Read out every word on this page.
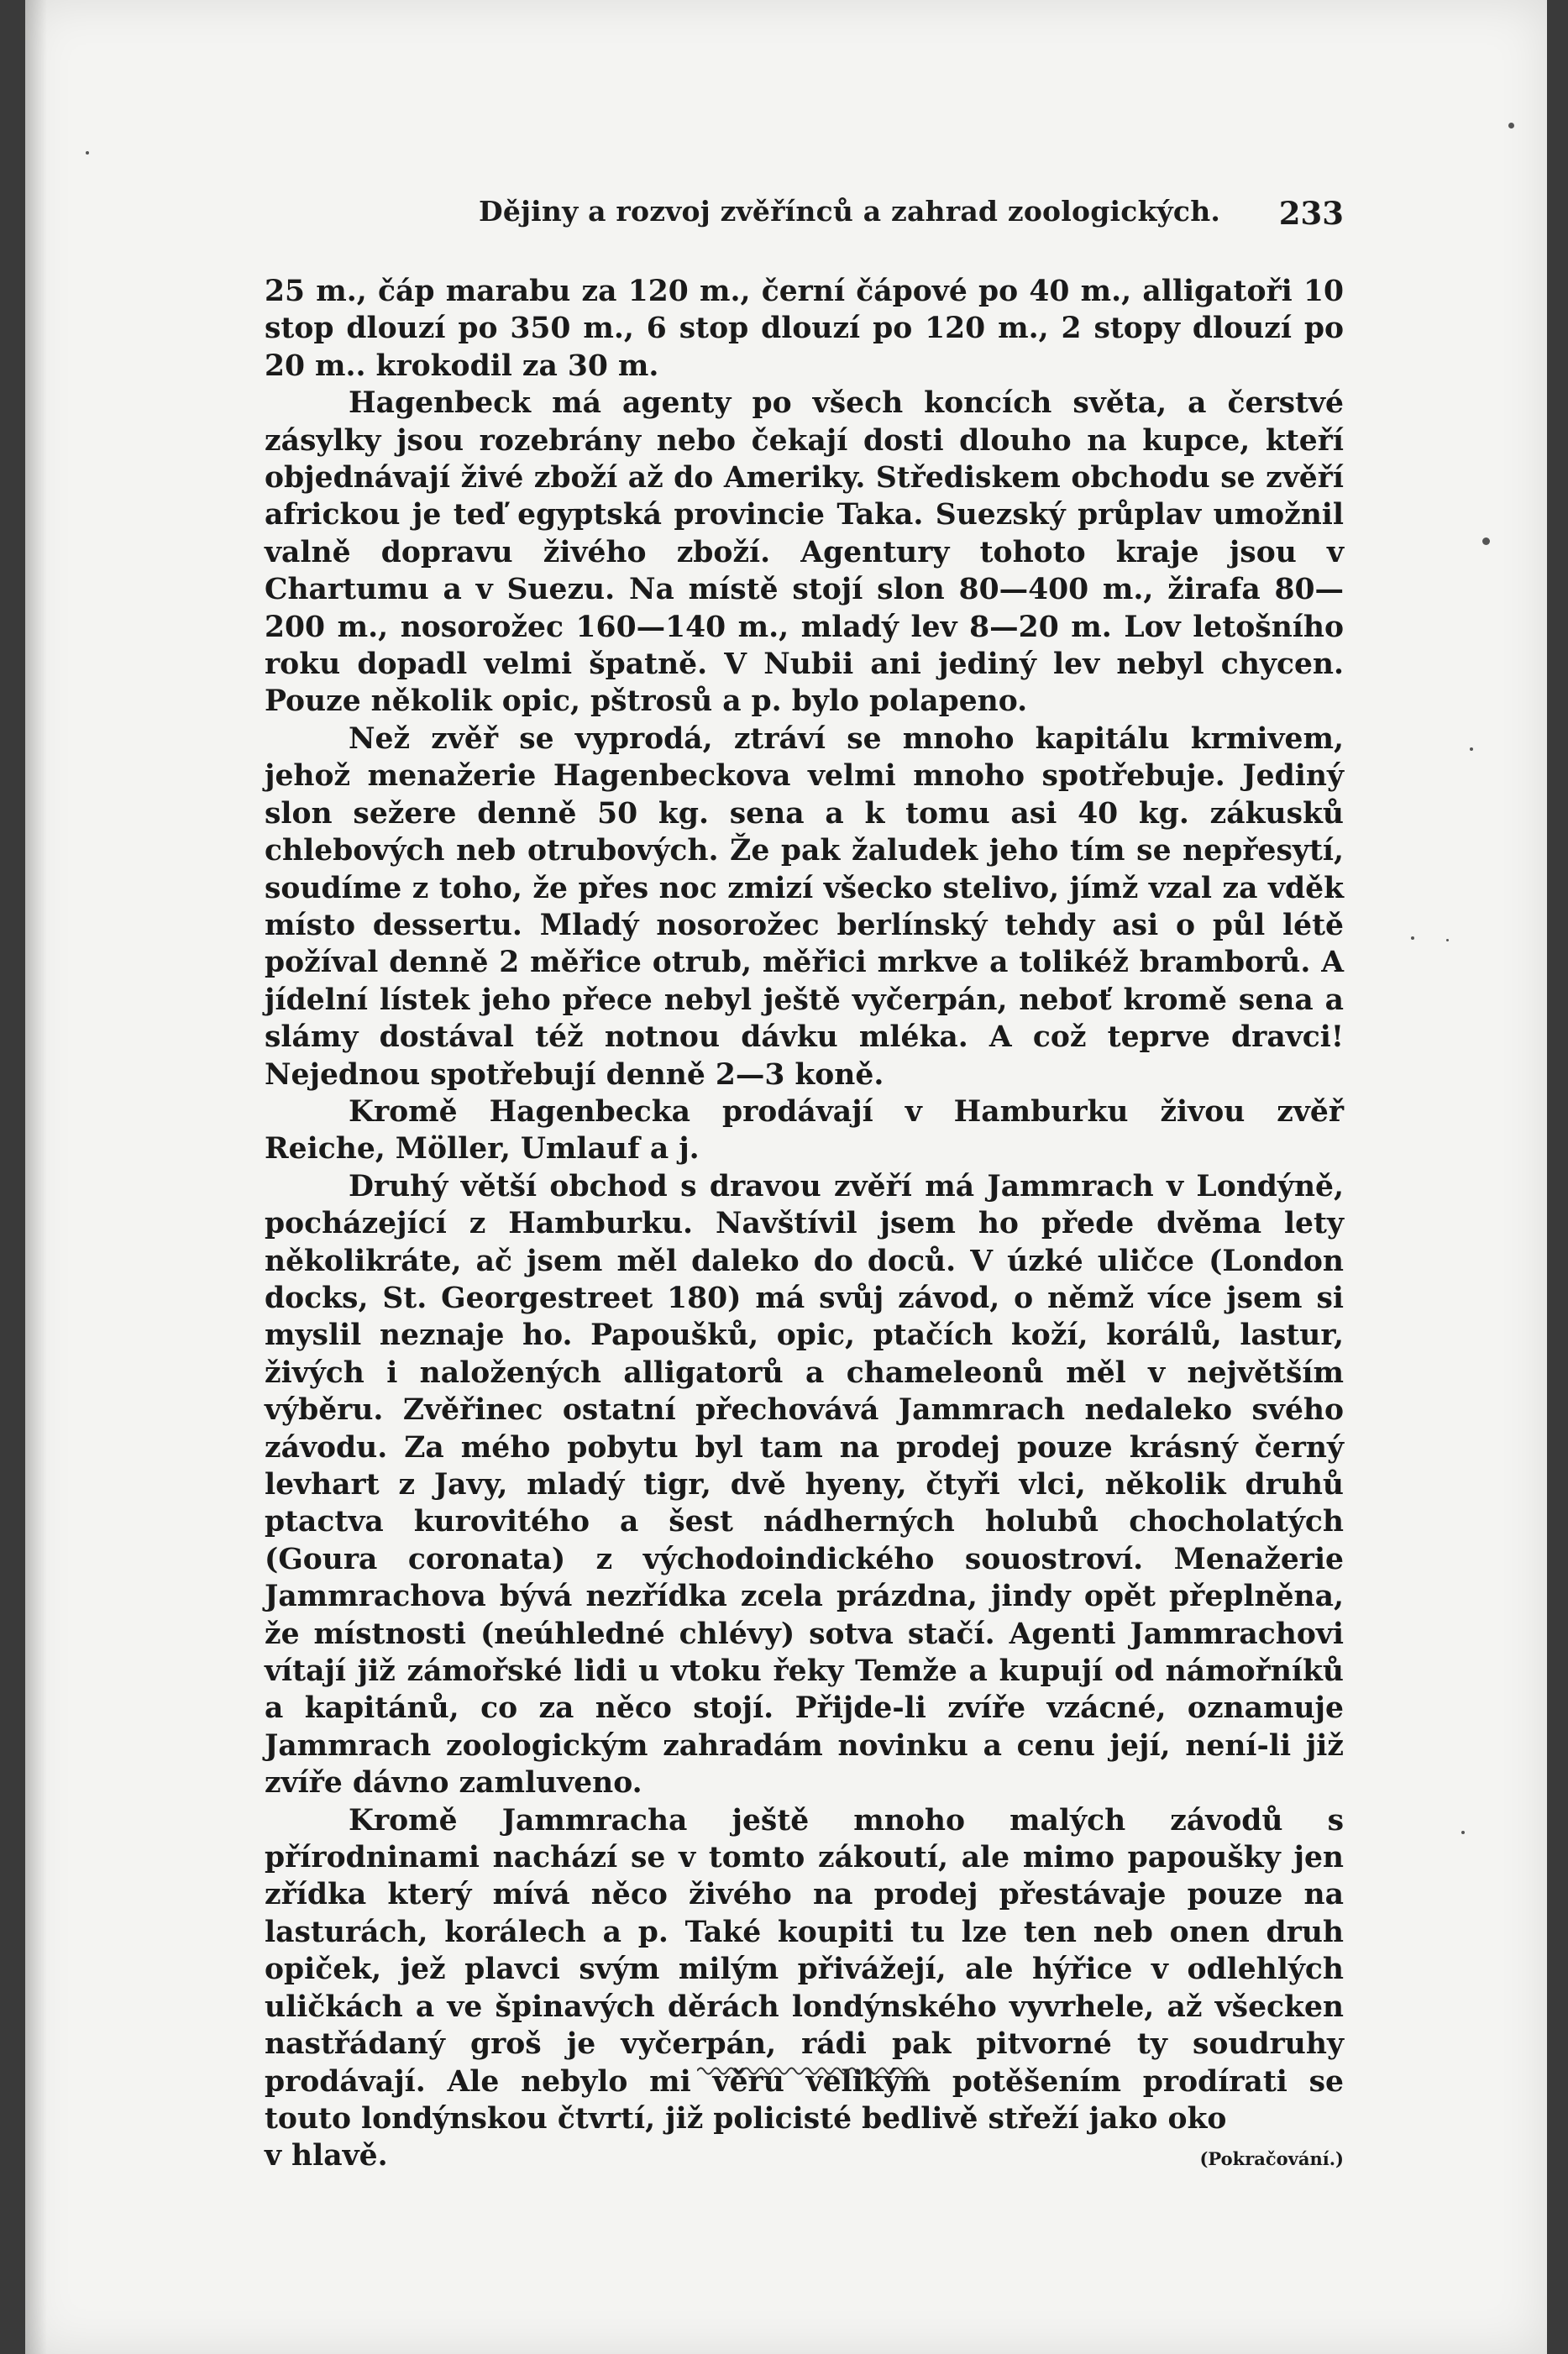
Dějiny a rozvoj zvěřínců a zahrad zoologických. 233

25 m., čáp marabu za 120 m., černí čápové po 40 m., alligatoři 10 stop dlouzí po 350 m., 6 stop dlouzí po 120 m., 2 stopy dlouzí po 20 m.. krokodil za 30 m.

Hagenbeck má agenty po všech koncích světa, a čerstvé zásylky jsou rozebrány nebo čekají dosti dlouho na kupce, kteří objednávají živé zboží až do Ameriky. Střediskem obchodu se zvěří africkou je teď egyptská provincie Taka. Suezský průplav umožnil valně dopravu živého zboží. Agentury tohoto kraje jsou v Chartumu a v Suezu. Na místě stojí slon 80—400 m., žirafa 80—200 m., nosorožec 160—140 m., mladý lev 8—20 m. Lov letošního roku dopadl velmi špatně. V Nubii ani jediný lev nebyl chycen. Pouze několik opic, pštrosů a p. bylo polapeno.

Než zvěř se vyprodá, ztráví se mnoho kapitálu krmivem, jehož menažerie Hagenbeckova velmi mnoho spotřebuje. Jediný slon sežere denně 50 kg. sena a k tomu asi 40 kg. zákusků chlebových neb otrubových. Že pak žaludek jeho tím se nepřesytí, soudíme z toho, že přes noc zmizí všecko stelivo, jímž vzal za vděk místo dessertu. Mladý nosorožec berlínský tehdy asi o půl létě požíval denně 2 měřice otrub, měřici mrkve a tolikéž bramborů. A jídelní lístek jeho přece nebyl ještě vyčerpán, neboť kromě sena a slámy dostával též notnou dávku mléka. A což teprve dravci! Nejednou spotřebují denně 2—3 koně.

Kromě Hagenbecka prodávají v Hamburku živou zvěř Reiche, Möller, Umlauf a j.

Druhý větší obchod s dravou zvěří má Jammrach v Londýně, pocházející z Hamburku. Navštívil jsem ho přede dvěma lety několikráte, ač jsem měl daleko do doců. V úzké uličce (London docks, St. Georgestreet 180) má svůj závod, o němž více jsem si myslil neznaje ho. Papoušků, opic, ptačích koží, korálů, lastur, živých i naložených alligatorů a chameleonů měl v největším výběru. Zvěřinec ostatní přechovává Jammrach nedaleko svého závodu. Za mého pobytu byl tam na prodej pouze krásný černý levhart z Javy, mladý tigr, dvě hyeny, čtyři vlci, několik druhů ptactva kurovitého a šest nádherných holubů chocholatých (Goura coronata) z východoindického souostroví. Menažerie Jammrachova bývá nezřídka zcela prázdna, jindy opět přeplněna, že místnosti (neúhledné chlévy) sotva stačí. Agenti Jammrachovi vítají již zámořské lidi u vtoku řeky Temže a kupují od námořníků a kapitánů, co za něco stojí. Přijde-li zvíře vzácné, oznamuje Jammrach zoologickým zahradám novinku a cenu její, není-li již zvíře dávno zamluveno.

Kromě Jammracha ještě mnoho malých závodů s přírodninami nachází se v tomto zákoutí, ale mimo papoušky jen zřídka který mívá něco živého na prodej přestávaje pouze na lasturách, korálech a p. Také koupiti tu lze ten neb onen druh opiček, jež plavci svým milým přivážejí, ale hýřice v odlehlých uličkách a ve špinavých děrách londýnského vyvrhele, až všecken nastřádaný groš je vyčerpán, rádi pak pitvorné ty soudruhy prodávají. Ale nebylo mi věru velikým potěšením prodírati se touto londýnskou čtvrtí, již policisté bedlivě střeží jako oko

v hlavě.	(Pokračování.)
